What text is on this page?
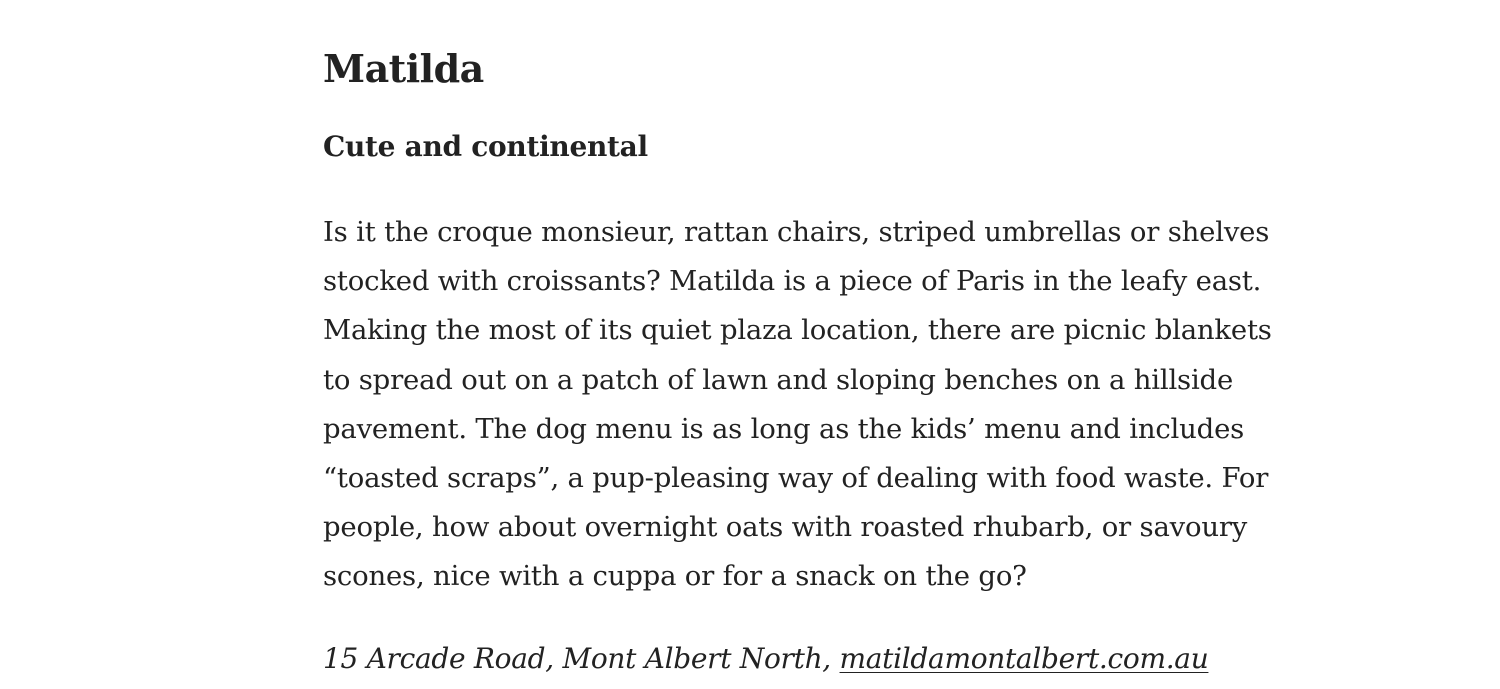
Matilda
Cute and continental

Is it the croque monsieur, rattan chairs, striped umbrellas or shelves stocked with croissants? Matilda is a piece of Paris in the leafy east. Making the most of its quiet plaza location, there are picnic blankets to spread out on a patch of lawn and sloping benches on a hillside pavement. The dog menu is as long as the kids’ menu and includes “toasted scraps”, a pup-pleasing way of dealing with food waste. For people, how about overnight oats with roasted rhubarb, or savoury scones, nice with a cuppa or for a snack on the go?

15 Arcade Road, Mont Albert North, matildamontalbert.com.au
